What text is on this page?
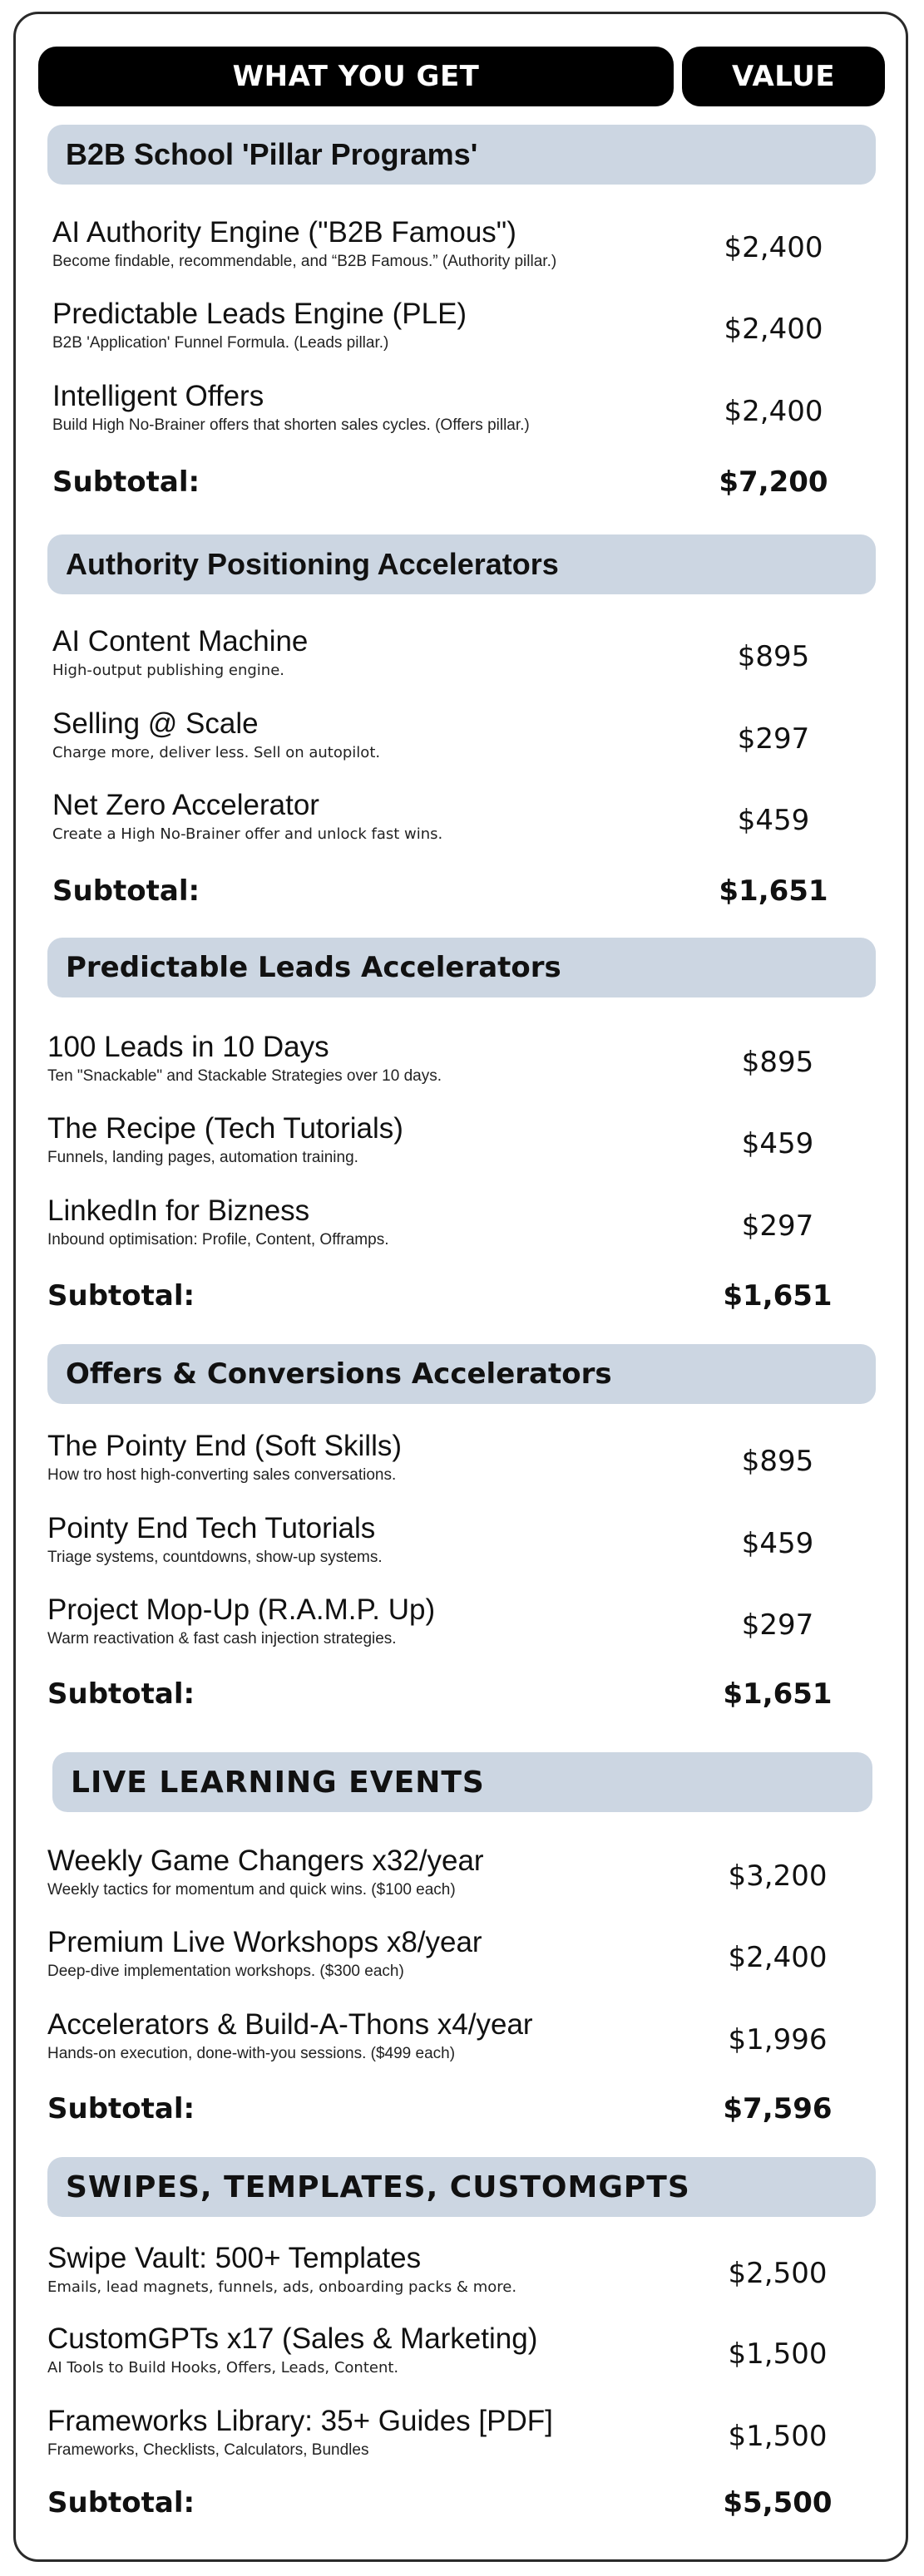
WHAT YOU GET	VALUE
B2B School 'Pillar Programs'
AI Authority Engine ("B2B Famous")
Become findable, recommendable, and “B2B Famous.” (Authority pillar.)	$2,400
Predictable Leads Engine (PLE)
B2B 'Application' Funnel Formula. (Leads pillar.)	$2,400
Intelligent Offers
Build High No-Brainer offers that shorten sales cycles. (Offers pillar.)	$2,400
Subtotal:	$7,200
Authority Positioning Accelerators
AI Content Machine
High-output publishing engine.	$895
Selling @ Scale
Charge more, deliver less. Sell on autopilot.	$297
Net Zero Accelerator
Create a High No-Brainer offer and unlock fast wins.	$459
Subtotal:	$1,651
Predictable Leads Accelerators
100 Leads in 10 Days
Ten "Snackable" and Stackable Strategies over 10 days.	$895
The Recipe (Tech Tutorials)
Funnels, landing pages, automation training.	$459
LinkedIn for Bizness
Inbound optimisation: Profile, Content, Offramps.	$297
Subtotal:	$1,651
Offers & Conversions Accelerators
The Pointy End (Soft Skills)
How tro host high-converting sales conversations.	$895
Pointy End Tech Tutorials
Triage systems, countdowns, show-up systems.	$459
Project Mop-Up (R.A.M.P. Up)
Warm reactivation & fast cash injection strategies.	$297
Subtotal:	$1,651
LIVE LEARNING EVENTS
Weekly Game Changers x32/year
Weekly tactics for momentum and quick wins. ($100 each)	$3,200
Premium Live Workshops x8/year
Deep-dive implementation workshops. ($300 each)	$2,400
Accelerators & Build-A-Thons x4/year
Hands-on execution, done-with-you sessions. ($499 each)	$1,996
Subtotal:	$7,596
SWIPES, TEMPLATES, CUSTOMGPTS
Swipe Vault: 500+ Templates
Emails, lead magnets, funnels, ads, onboarding packs & more.	$2,500
CustomGPTs x17 (Sales & Marketing)
AI Tools to Build Hooks, Offers, Leads, Content.	$1,500
Frameworks Library: 35+ Guides [PDF]
Frameworks, Checklists, Calculators, Bundles	$1,500
Subtotal:	$5,500
